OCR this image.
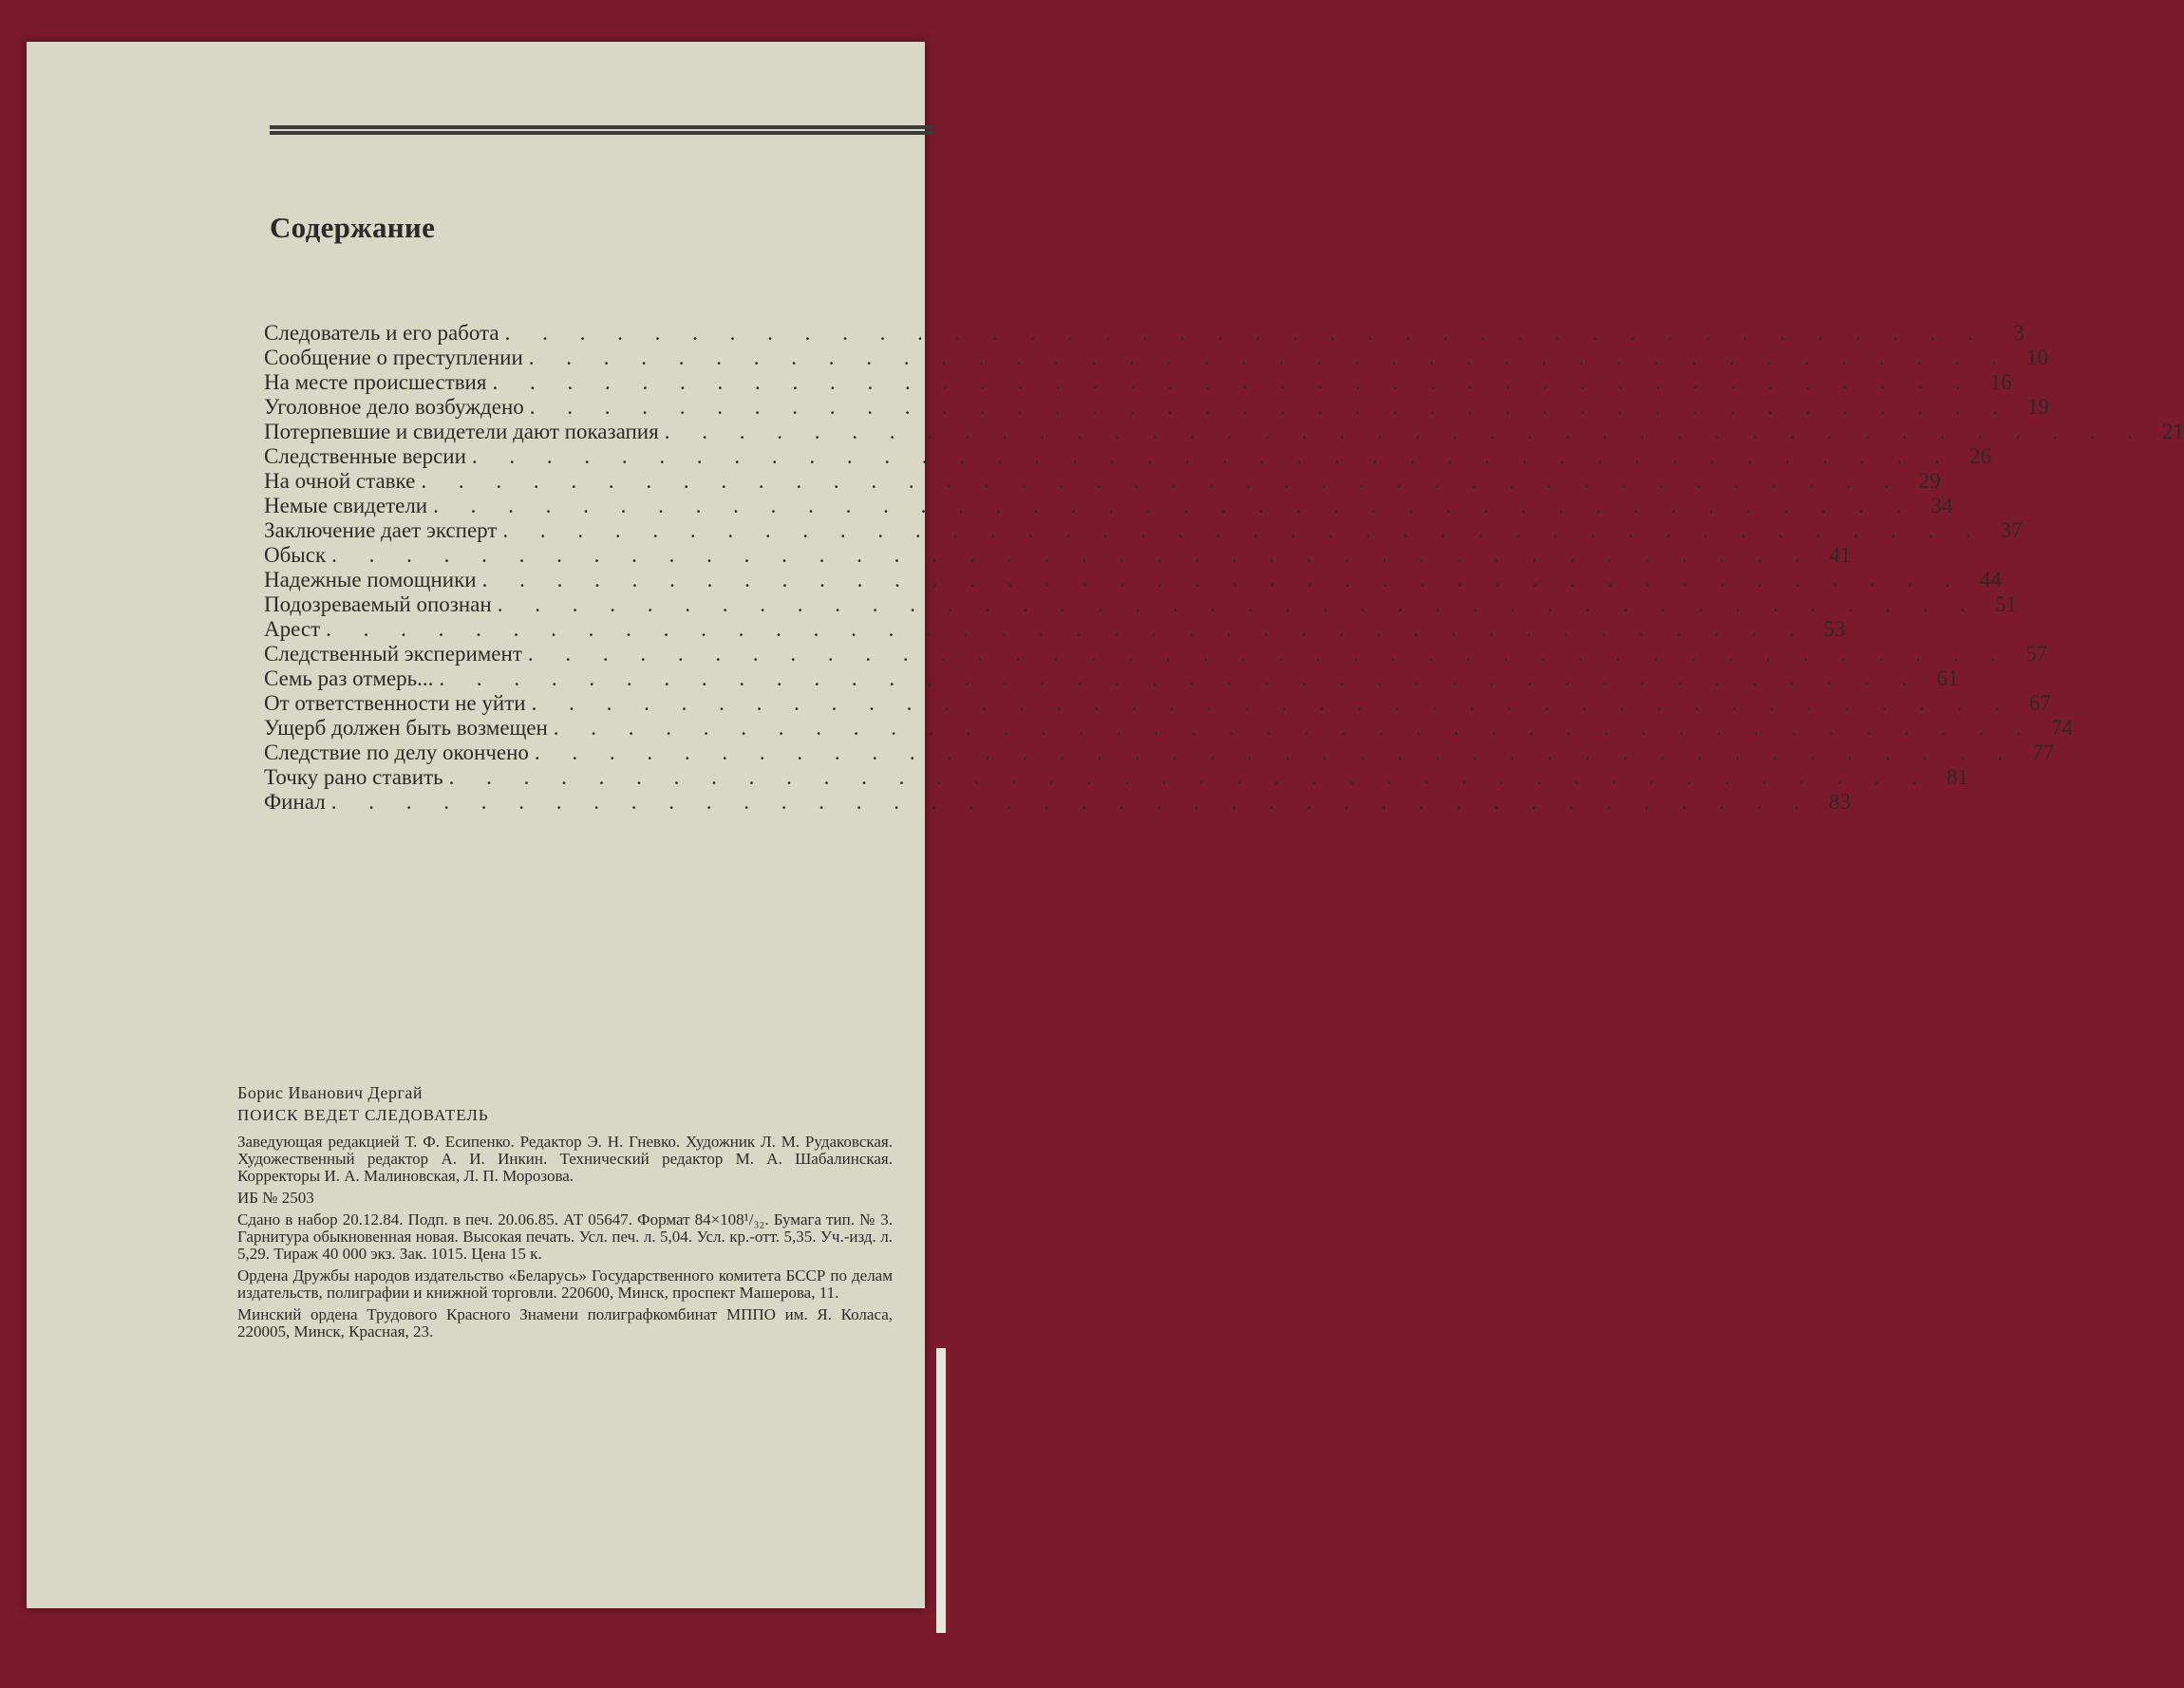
Содержание
Следователь и его работа . . . . . . . . . . . . . . . . . . . . . . . . . . . . . . . . . . . . . . . .	3
Сообщение о преступлении . . . . . . . . . . . . . . . . . . . . . . . . . . . . . . . . . . . . . . . . 10
На месте происшествия . . . . . . . . . . . . . . . . . . . . . . . . . . . . . . . . . . . . . . . . 16
Уголовное дело возбуждено . . . . . . . . . . . . . . . . . . . . . . . . . . . . . . . . . . . . . . . . 19
Потерпевшие и свидетели дают показапия . . . . . . . . . . . . . . . . . . . . . . . . . . . . . . . . . . . . . . . . 21
Следственные версии . . . . . . . . . . . . . . . . . . . . . . . . . . . . . . . . . . . . . . . . 26
На очной ставке . . . . . . . . . . . . . . . . . . . . . . . . . . . . . . . . . . . . . . . . 29
Немые свидетели . . . . . . . . . . . . . . . . . . . . . . . . . . . . . . . . . . . . . . . . 34
Заключение дает эксперт . . . . . . . . . . . . . . . . . . . . . . . . . . . . . . . . . . . . . . . . 37
Обыск . . . . . . . . . . . . . . . . . . . . . . . . . . . . . . . . . . . . . . . . 41
Надежные помощники . . . . . . . . . . . . . . . . . . . . . . . . . . . . . . . . . . . . . . . . 44
Подозреваемый опознан . . . . . . . . . . . . . . . . . . . . . . . . . . . . . . . . . . . . . . . . 51
Арест . . . . . . . . . . . . . . . . . . . . . . . . . . . . . . . . . . . . . . . . 53
Следственный эксперимент . . . . . . . . . . . . . . . . . . . . . . . . . . . . . . . . . . . . . . . . 57
Семь раз отмерь... . . . . . . . . . . . . . . . . . . . . . . . . . . . . . . . . . . . . . . . . 61
От ответственности не уйти . . . . . . . . . . . . . . . . . . . . . . . . . . . . . . . . . . . . . . . . 67
Ущерб должен быть возмещен . . . . . . . . . . . . . . . . . . . . . . . . . . . . . . . . . . . . . . . . 74
Следствие по делу окончено . . . . . . . . . . . . . . . . . . . . . . . . . . . . . . . . . . . . . . . . 77
Точку рано ставить . . . . . . . . . . . . . . . . . . . . . . . . . . . . . . . . . . . . . . . . 81
Финал . . . . . . . . . . . . . . . . . . . . . . . . . . . . . . . . . . . . . . . . 83
Борис Иванович Дергай
ПОИСК ВЕДЕТ СЛЕДОВАТЕЛЬ
Заведующая редакцией Т. Ф. Есипенко. Редактор Э. Н. Гневко. Художник Л. М. Рудаковская. Художественный редактор А. И. Инкин. Технический редактор М. А. Шабалинская. Корректоры И. А. Малиновская, Л. П. Морозова.
ИБ № 2503
Сдано в набор 20.12.84. Подп. в печ. 20.06.85. АТ 05647. Формат 84×108¹/₃₂. Бумага тип. № 3. Гарнитура обыкновенная новая. Высокая печать. Усл. печ. л. 5,04. Усл. кр.-отт. 5,35. Уч.-изд. л. 5,29. Тираж 40 000 экз. Зак. 1015. Цена 15 к.
Ордена Дружбы народов издательство «Беларусь» Государственного комитета БССР по делам издательств, полиграфии и книжной торговли. 220600, Минск, проспект Машерова, 11.
Минский ордена Трудового Красного Знамени полиграфкомбинат МППО им. Я. Коласа, 220005, Минск, Красная, 23.
